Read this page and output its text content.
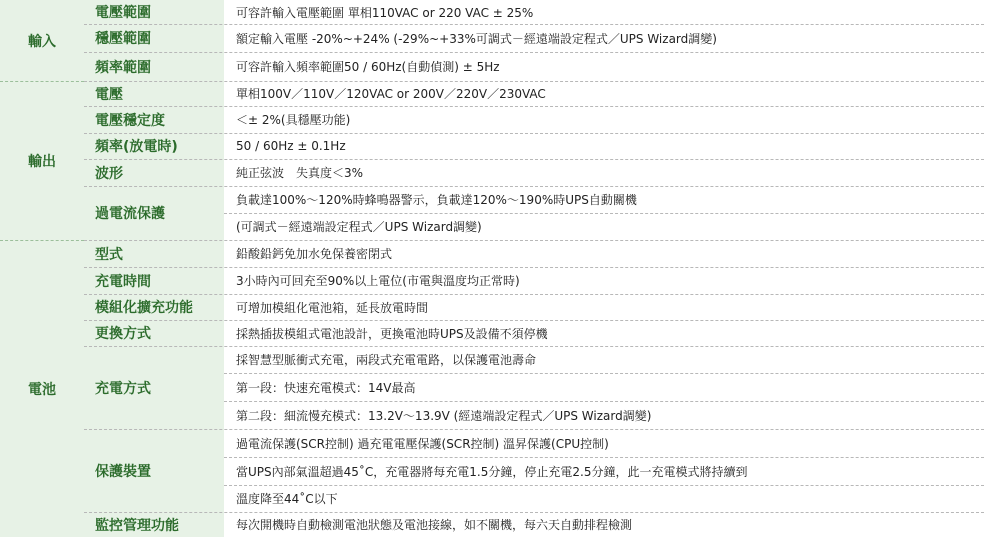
輸入
輸出
電池
電壓範圍
穩壓範圍
頻率範圍
電壓
電壓穩定度
頻率(放電時)
波形
過電流保護
型式
充電時間
模組化擴充功能
更換方式
充電方式
保護裝置
監控管理功能
可容許輸入電壓範圍 單相110VAC or 220 VAC ± 25%
額定輸入電壓 -20%~+24% (-29%~+33%可調式－經遠端設定程式／UPS Wizard調變)
可容許輸入頻率範圍50 / 60Hz(自動偵測) ± 5Hz
單相100V／110V／120VAC or 200V／220V／230VAC
＜± 2%(具穩壓功能)
50 / 60Hz ± 0.1Hz
純正弦波　失真度＜3%
負載達100%～120%時蜂鳴器警示，負載達120%～190%時UPS自動關機
(可調式－經遠端設定程式／UPS Wizard調變)
鉛酸鉛鈣免加水免保養密閉式
3小時內可回充至90%以上電位(市電與溫度均正常時)
可增加模組化電池箱，延長放電時間
採熱插拔模組式電池設計，更換電池時UPS及設備不須停機
採智慧型脈衝式充電，兩段式充電電路，以保護電池壽命
第一段：快速充電模式：14V最高
第二段：細流慢充模式：13.2V～13.9V (經遠端設定程式／UPS Wizard調變)
過電流保護(SCR控制) 過充電電壓保護(SCR控制) 溫昇保護(CPU控制)
當UPS內部氣溫超過45˚C，充電器將每充電1.5分鐘，停止充電2.5分鐘，此一充電模式將持續到
溫度降至44˚C以下
每次開機時自動檢測電池狀態及電池接線，如不關機，每六天自動排程檢測
